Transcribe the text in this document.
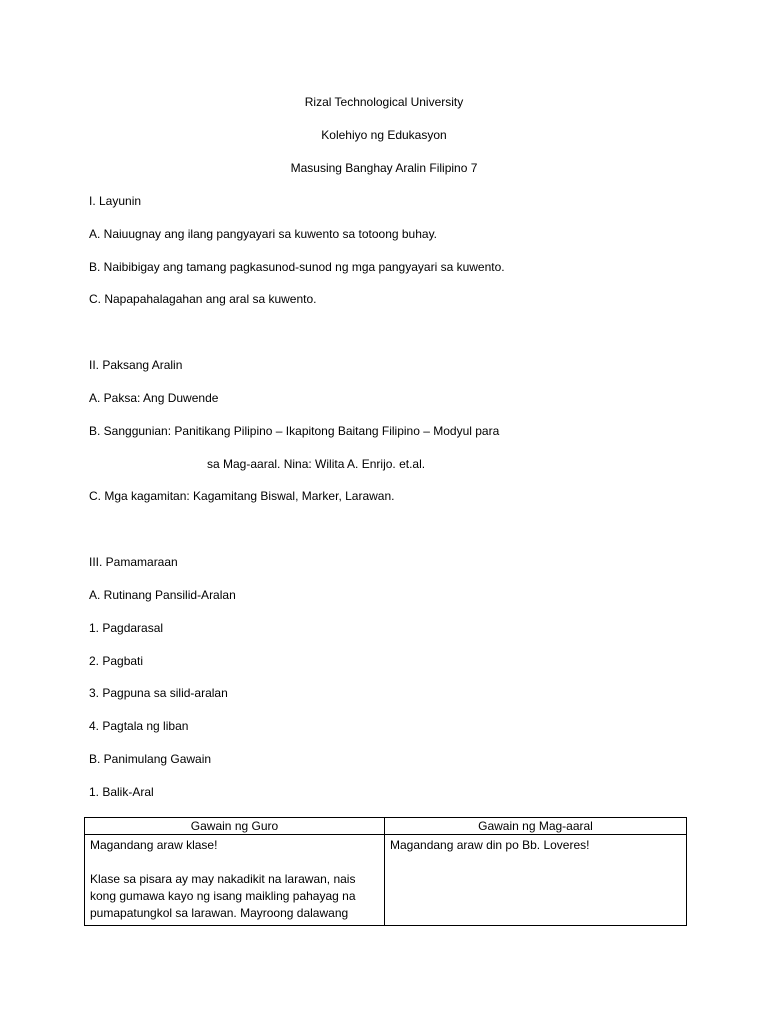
Rizal Technological University
Kolehiyo ng Edukasyon
Masusing Banghay Aralin Filipino 7
I. Layunin
A. Naiuugnay ang ilang pangyayari sa kuwento sa totoong buhay.
B. Naibibigay ang tamang pagkasunod-sunod ng mga pangyayari sa kuwento.
C. Napapahalagahan ang aral sa kuwento.
II. Paksang Aralin
A. Paksa: Ang Duwende
B. Sanggunian: Panitikang Pilipino – Ikapitong Baitang Filipino – Modyul para
sa Mag-aaral. Nina: Wilita A. Enrijo. et.al.
C. Mga kagamitan: Kagamitang Biswal, Marker, Larawan.
III. Pamamaraan
A. Rutinang Pansilid-Aralan
1. Pagdarasal
2. Pagbati
3. Pagpuna sa silid-aralan
4. Pagtala ng liban
B. Panimulang Gawain
1. Balik-Aral
Gawain ng Guro	Gawain ng Mag-aaral

Magandang araw klase!

Klase sa pisara ay may nakadikit na larawan, nais kong gumawa kayo ng isang maikling pahayag na pumapatungkol sa larawan. Mayroong dalawang	Magandang araw din po Bb. Loveres!
